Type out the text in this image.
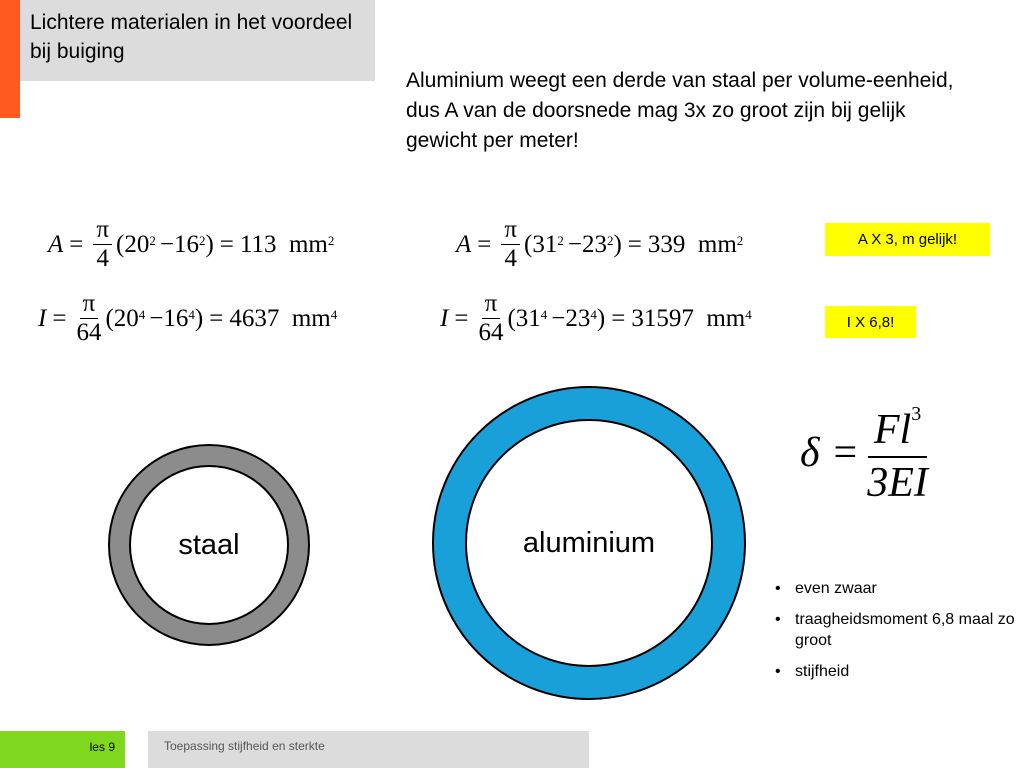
Lichtere materialen in het voordeel bij buiging
Aluminium weegt een derde van staal per volume-eenheid, dus A van de doorsnede mag 3x zo groot zijn bij gelijk gewicht per meter!
$A = \frac{\pi}{4} (20^2 -16^2$ ) = 113  $mm^2$
$I = \frac{\pi}{64} (20^4 -16^4$ ) = 4637  $mm^4$
$A = \frac{\pi}{4} (31^2 -23^2$ ) = 339  $mm^2$
$I = \frac{\pi}{64} (31^4 -23^4$ ) = 31597  $mm^4$
A X 3, m gelijk!
I X 6,8!
staal	aluminium
$\delta = \frac{Fl^3}{3EI}$
• even zwaar
• traagheidsmoment 6,8 maal zo groot
• stijfheid
les 9	Toepassing stijfheid en sterkte
